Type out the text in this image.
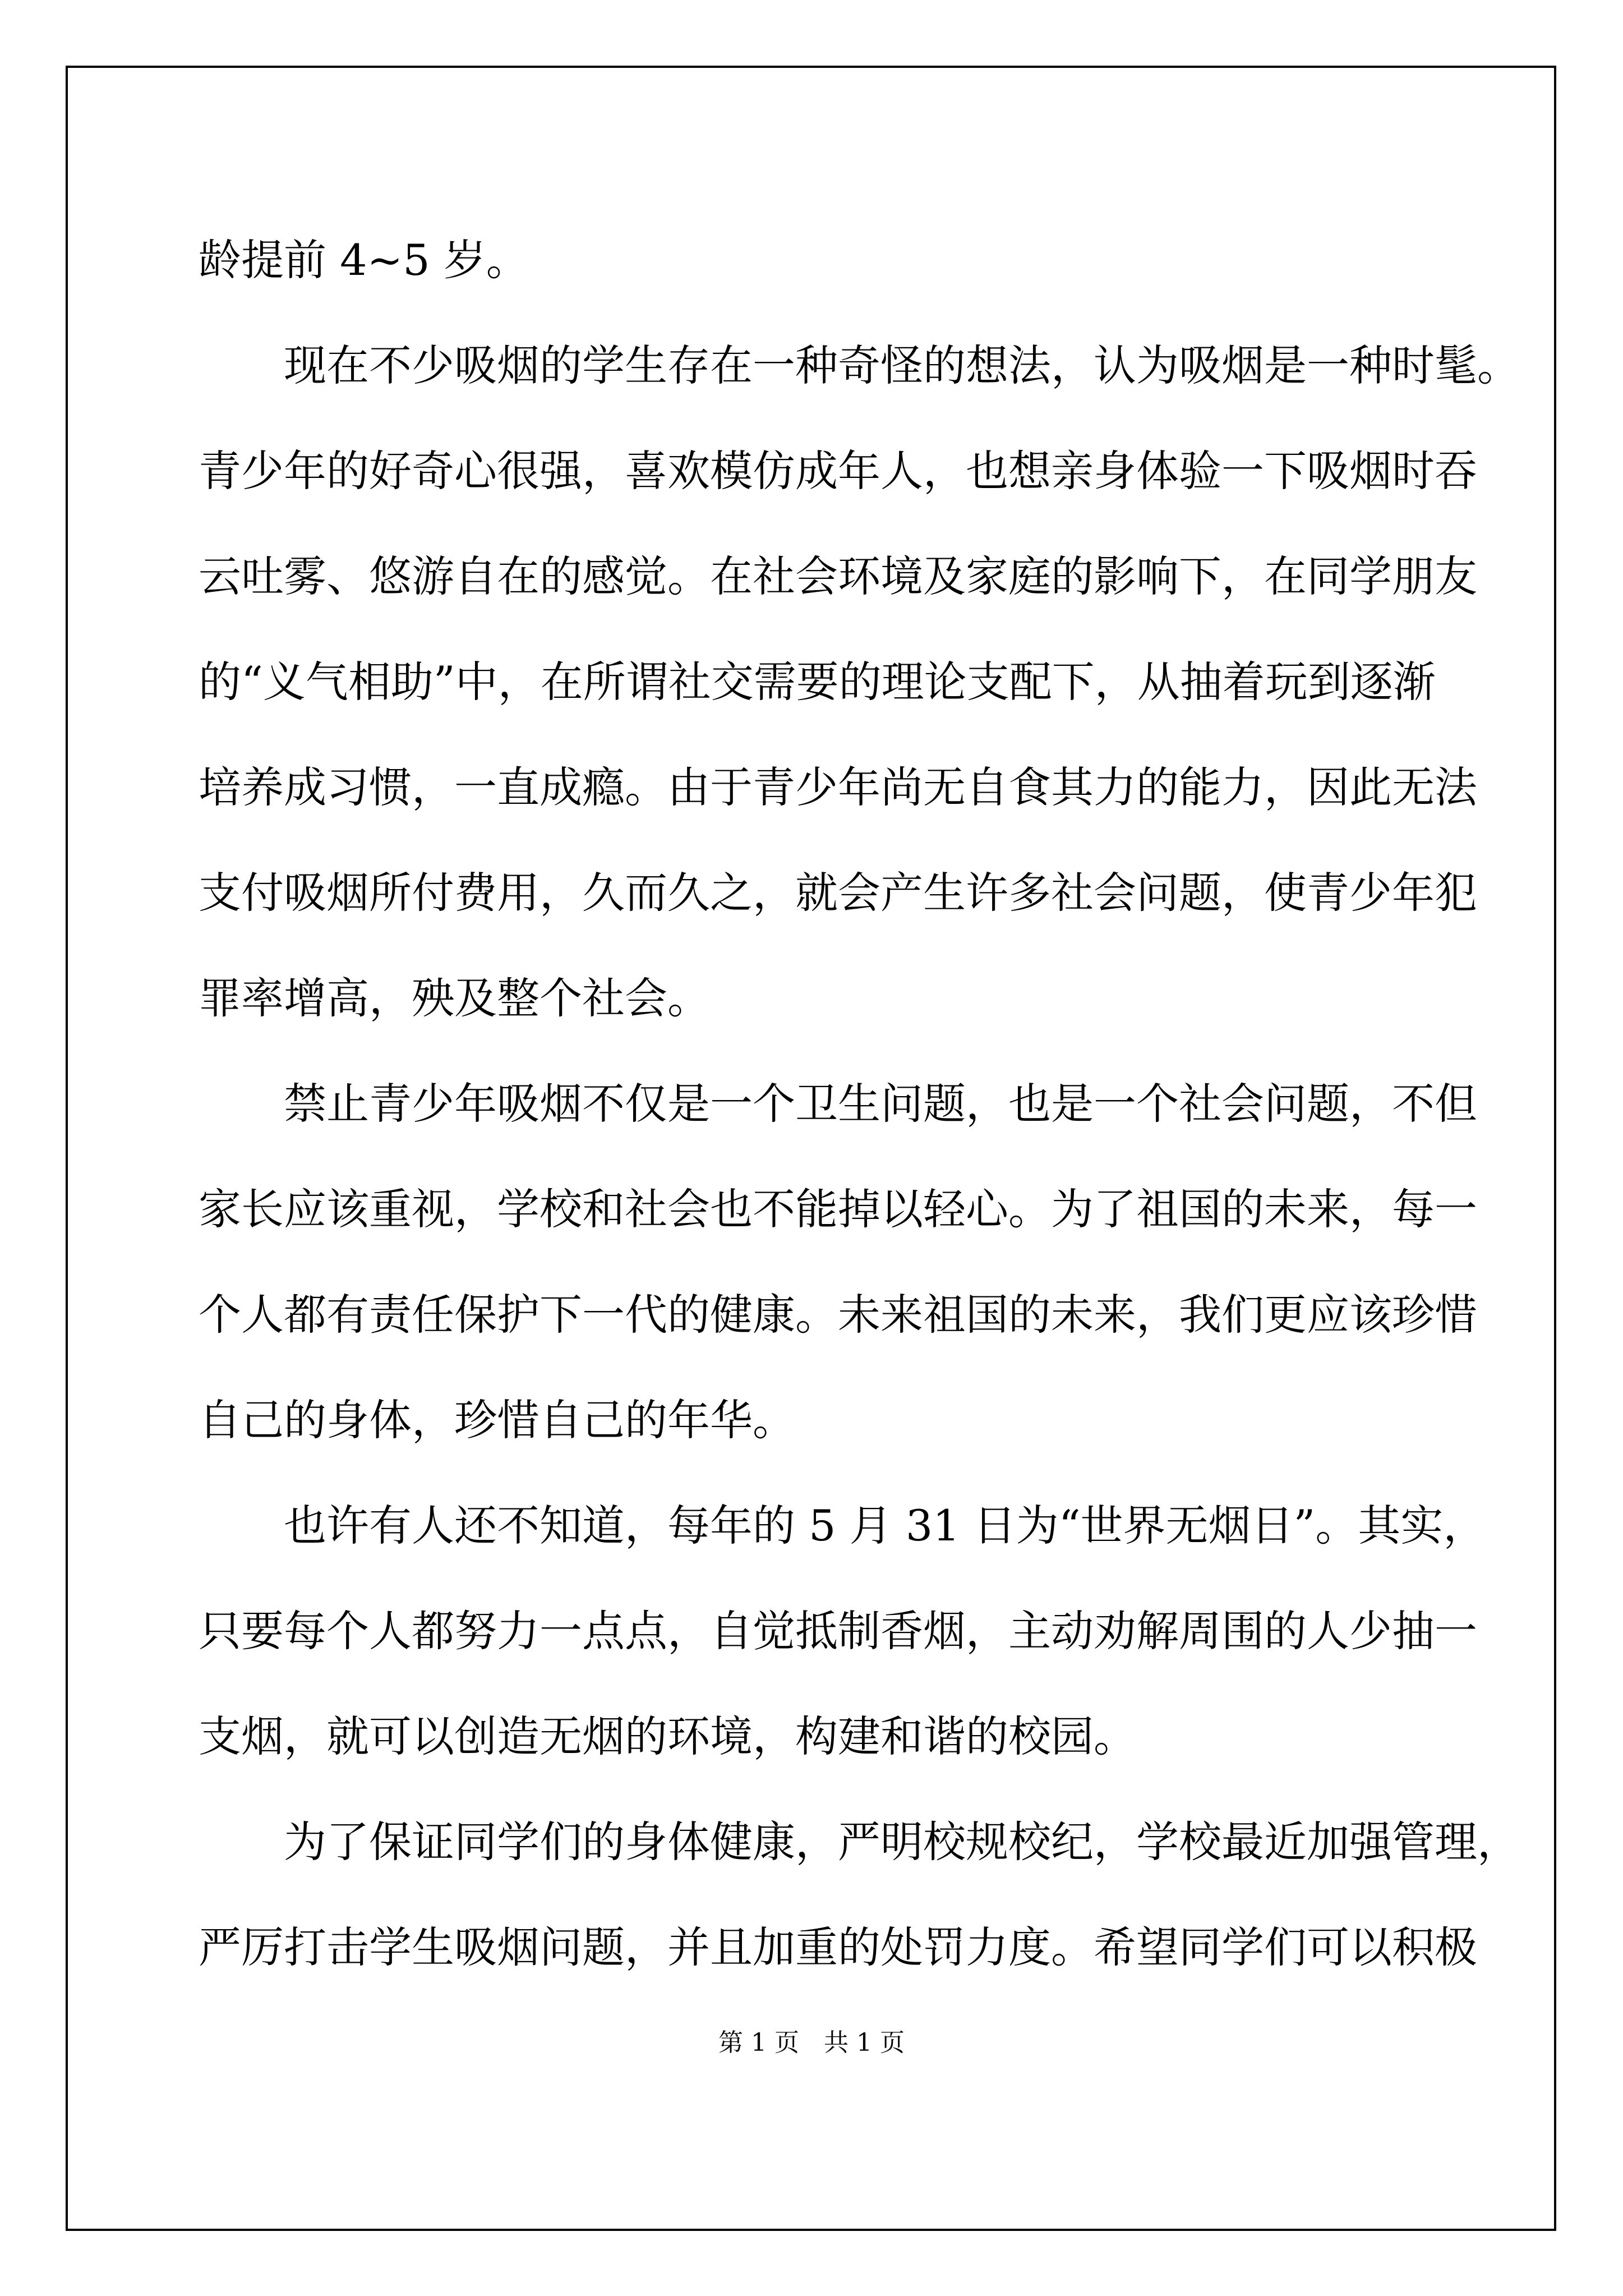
龄提前 4~5 岁。
现在不少吸烟的学生存在一种奇怪的想法，认为吸烟是一种时髦。
青少年的好奇心很强，喜欢模仿成年人，也想亲身体验一下吸烟时吞
云吐雾、悠游自在的感觉。在社会环境及家庭的影响下，在同学朋友
的“义气相助”中，在所谓社交需要的理论支配下，从抽着玩到逐渐
培养成习惯，一直成瘾。由于青少年尚无自食其力的能力，因此无法
支付吸烟所付费用，久而久之，就会产生许多社会问题，使青少年犯
罪率增高，殃及整个社会。
禁止青少年吸烟不仅是一个卫生问题，也是一个社会问题，不但
家长应该重视，学校和社会也不能掉以轻心。为了祖国的未来，每一
个人都有责任保护下一代的健康。未来祖国的未来，我们更应该珍惜
自己的身体，珍惜自己的年华。
也许有人还不知道，每年的 5 月 31 日为“世界无烟日”。其实，
只要每个人都努力一点点，自觉抵制香烟，主动劝解周围的人少抽一
支烟，就可以创造无烟的环境，构建和谐的校园。
为了保证同学们的身体健康，严明校规校纪，学校最近加强管理，
严厉打击学生吸烟问题，并且加重的处罚力度。希望同学们可以积极
第 1 页 共 1 页
